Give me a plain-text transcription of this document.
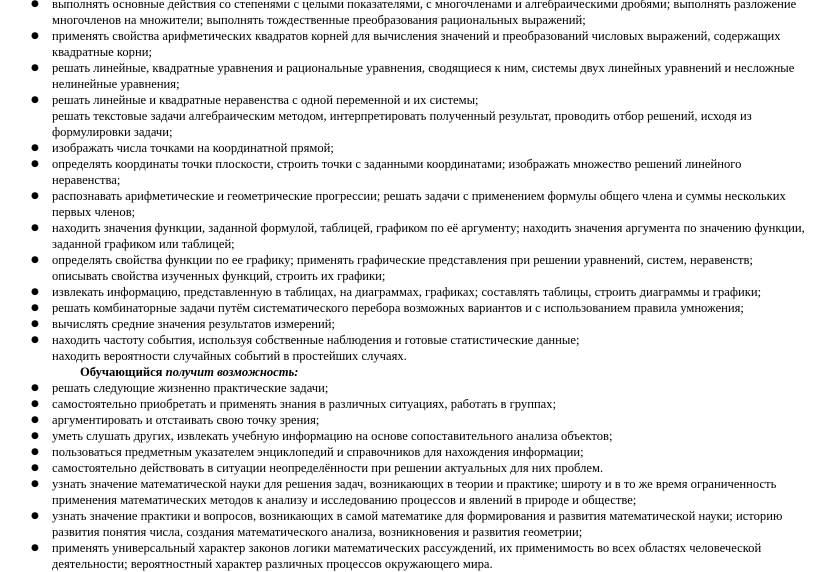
● выполнять основные действия со степенями с целыми показателями, с многочленами и алгебраическими дробями; выполнять разложение многочленов на множители; выполнять тождественные преобразования рациональных выражений;
● применять свойства арифметических квадратов корней для вычисления значений и преобразований числовых выражений, содержащих квадратные корни;
● решать линейные, квадратные уравнения и рациональные уравнения, сводящиеся к ним, системы двух линейных уравнений и несложные нелинейные уравнения;
● решать линейные и квадратные неравенства с одной переменной и их системы;
решать текстовые задачи алгебраическим методом, интерпретировать полученный результат, проводить отбор решений, исходя из формулировки задачи;
● изображать числа точками на координатной прямой;
● определять координаты точки плоскости, строить точки с заданными координатами; изображать множество решений линейного неравенства;
● распознавать арифметические и геометрические прогрессии; решать задачи с применением формулы общего члена и суммы нескольких первых членов;
● находить значения функции, заданной формулой, таблицей, графиком по её аргументу; находить значения аргумента по значению функции, заданной графиком или таблицей;
● определять свойства функции по ее графику; применять графические представления при решении уравнений, систем, неравенств; описывать свойства изученных функций, строить их графики;
● извлекать информацию, представленную в таблицах, на диаграммах, графиках; составлять таблицы, строить диаграммы и графики;
● решать комбинаторные задачи путём систематического перебора возможных вариантов и с использованием правила умножения;
● вычислять средние значения результатов измерений;
● находить частоту события, используя собственные наблюдения и готовые статистические данные;
находить вероятности случайных событий в простейших случаях.
Обучающийся получит возможность:
● решать следующие жизненно практические задачи;
● самостоятельно приобретать и применять знания в различных ситуациях, работать в группах;
● аргументировать и отстаивать свою точку зрения;
● уметь слушать других, извлекать учебную информацию на основе сопоставительного анализа объектов;
● пользоваться предметным указателем энциклопедий и справочников для нахождения информации;
● самостоятельно действовать в ситуации неопределённости при решении актуальных для них проблем.
● узнать значение математической науки для решения задач, возникающих в теории и практике; широту и в то же время ограниченность применения математических методов к анализу и исследованию процессов и явлений в природе и обществе;
● узнать значение практики и вопросов, возникающих в самой математике для формирования и развития математической науки; историю развития понятия числа, создания математического анализа, возникновения и развития геометрии;
● применять универсальный характер законов логики математических рассуждений, их применимость во всех областях человеческой деятельности; вероятностный характер различных процессов окружающего мира.
